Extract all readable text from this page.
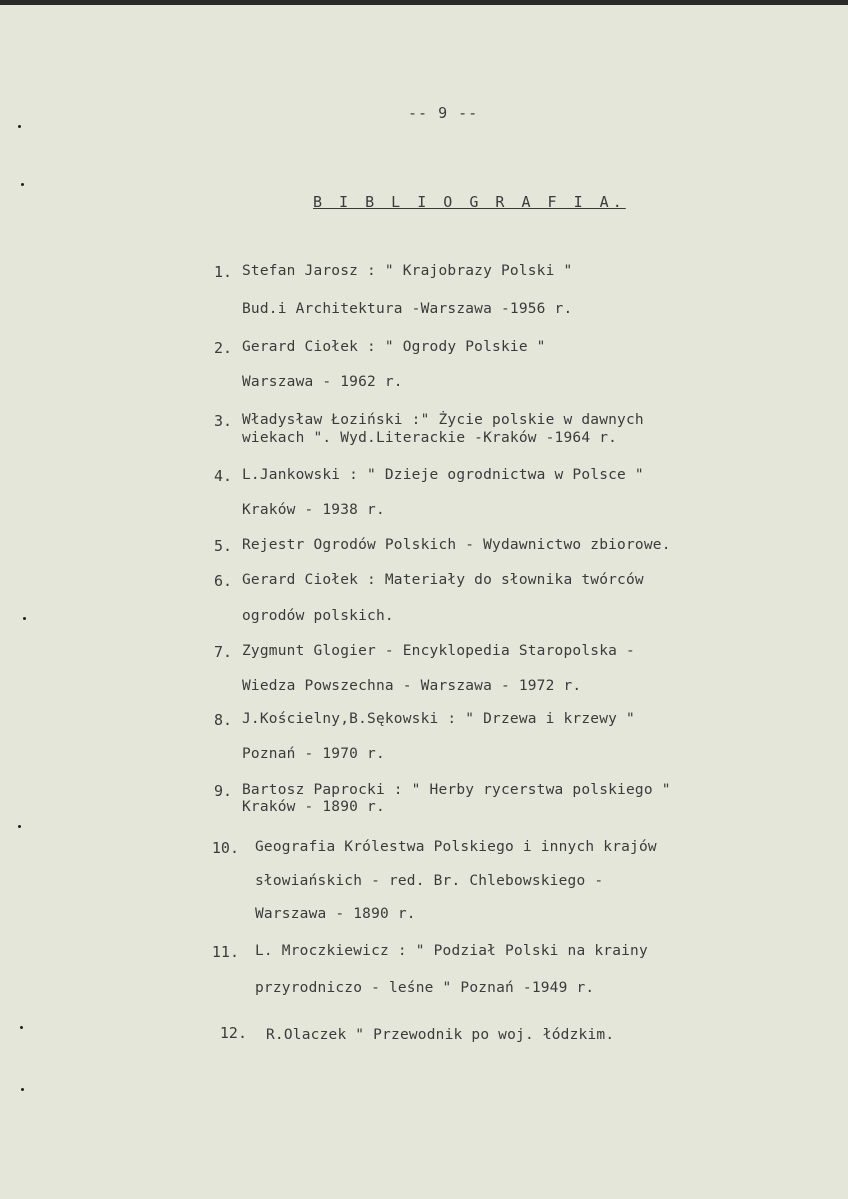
-- 9 --
B I B L I O G R A F I A.
1. Stefan Jarosz : " Krajobrazy Polski "
Bud.i Architektura -Warszawa -1956 r.
2. Gerard Ciołek : " Ogrody Polskie "
Warszawa - 1962 r.
3. Władysław Łoziński :" Życie polskie w dawnych
wiekach ". Wyd.Literackie -Kraków -1964 r.
4. L.Jankowski : " Dzieje ogrodnictwa w Polsce "
Kraków - 1938 r.
5. Rejestr Ogrodów Polskich - Wydawnictwo zbiorowe.
6. Gerard Ciołek : Materiały do słownika twórców
ogrodów polskich.
7. Zygmunt Glogier - Encyklopedia Staropolska -
Wiedza Powszechna - Warszawa - 1972 r.
8. J.Kościelny,B.Sękowski : " Drzewa i krzewy "
Poznań - 1970 r.
9. Bartosz Paprocki : " Herby rycerstwa polskiego "
Kraków - 1890 r.
10. Geografia Królestwa Polskiego i innych krajów
słowiańskich - red. Br. Chlebowskiego -
Warszawa - 1890 r.
11. L. Mroczkiewicz : " Podział Polski na krainy
przyrodniczo - leśne " Poznań -1949 r.
12. R.Olaczek " Przewodnik po woj. łódzkim.
